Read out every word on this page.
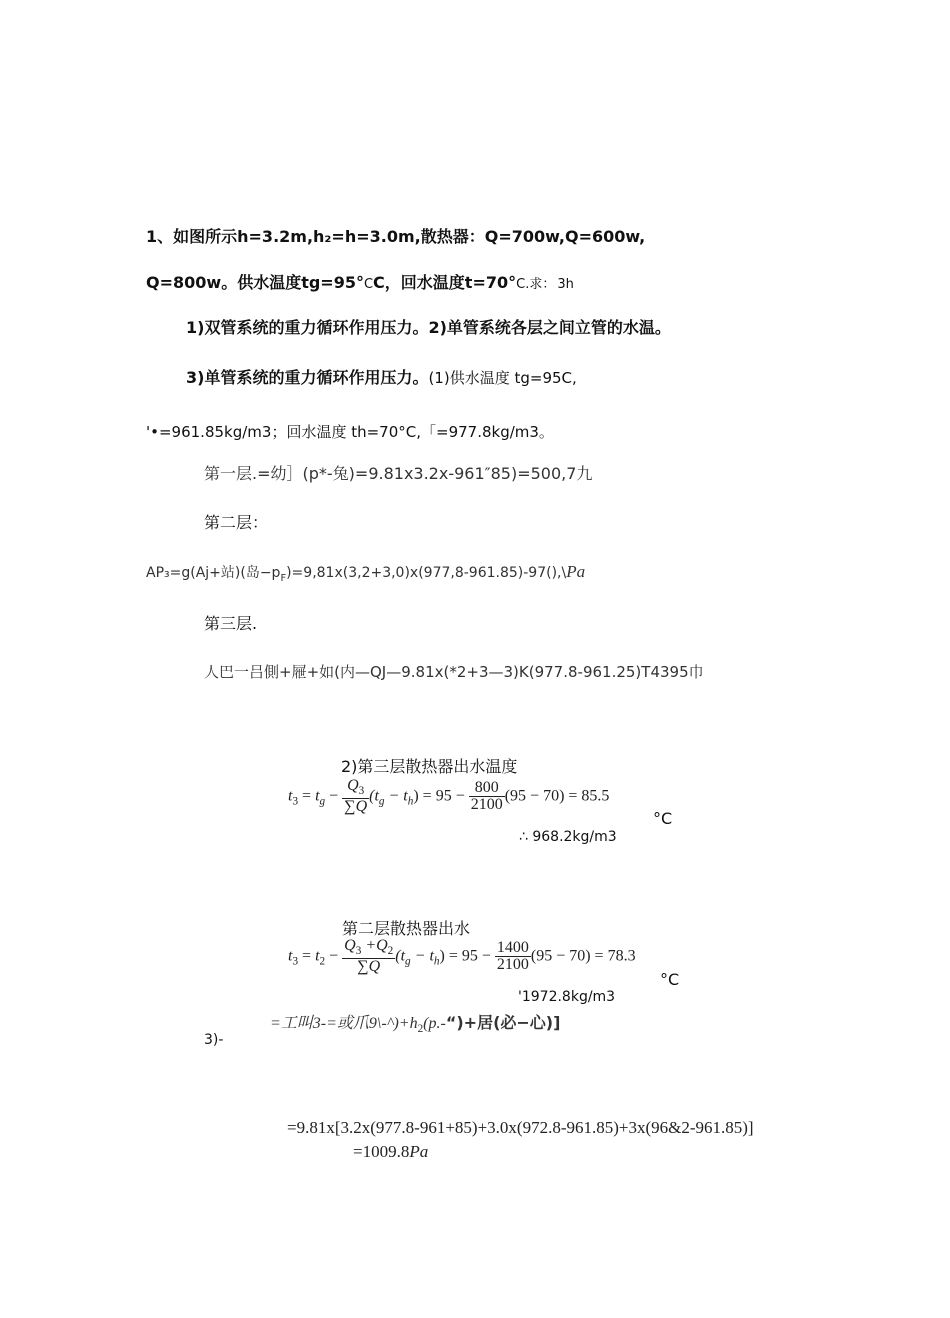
1、如图所示h=3.2m,h₂=h=3.0m,散热器：Q=700w,Q=600w,
Q=800w。供水温度tg=95°CC，回水温度t=70°C.求： 3h
1)双管系统的重力循环作用压力。2)单管系统各层之间立管的水温。
3)单管系统的重力循环作用压力。(1)供水温度 tg=95C,
'•=961.85kg/m3；回水温度 th=70°C,「=977.8kg/m3。
第一层.=幼］(p*-兔)=9.81x3.2x-961″85)=500,7九
第二层：
AP₃=g(Aj+站)(岛$-p_F)=9,81x(3,2+3,0)x(977,8-961.85)-97(),\backslash Pa$
第三层.
人巴一吕側+屜+如(内—QJ—9.81x(*2+3—3)K(977.8-961.25)T4395巾
2)第三层散热器出水温度
$t_3 = t_g - \frac{Q_3}{\sum Q} (t_g - t_h) = 95 - \frac{800}{2100} (95 - 70) = 85.5$
°C
∴ 968.2kg/m3
第二层散热器出水
$t_3 = t_2 - \frac{Q_3 +Q_2}{\sum Q} (t_g - t_h) = 95 - \frac{1400}{2100} (95 - 70) = 78.3$
°C
'1972.8kg/m3
=工叫3-=或爪$9\backslash-\^{})+h_2(p.-“)+$居(必−心)]
3)-
=9.81x[3.2x(977.8-961+85)+3.0x(972.8-961.85)+3x(96&2-961.85)]
=1009.8Pa
